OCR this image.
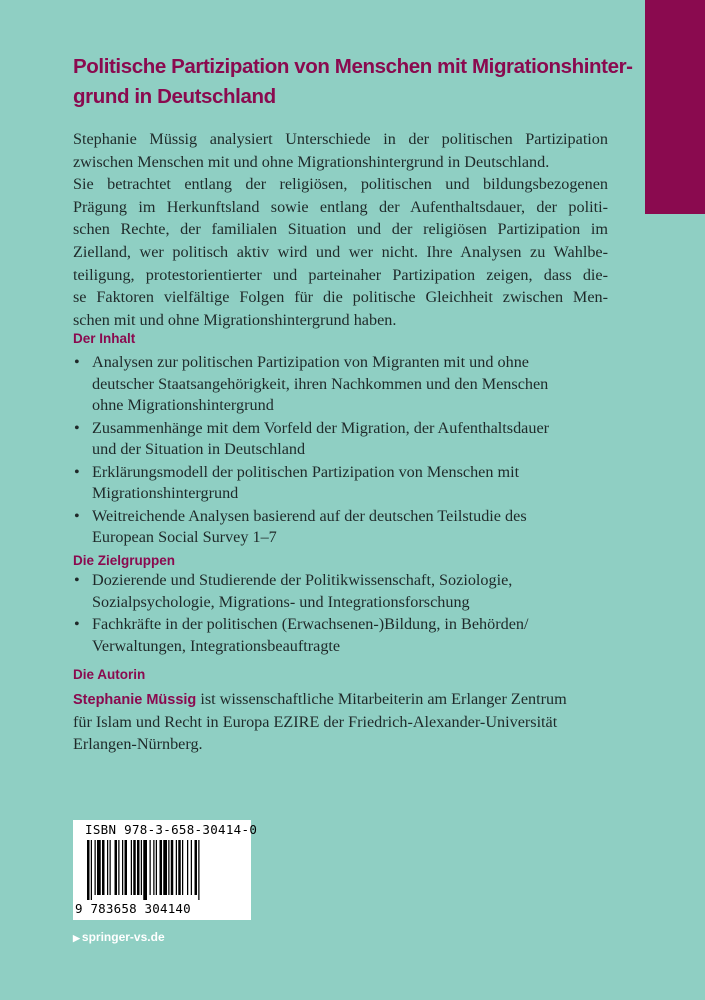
Politische Partizipation von Menschen mit Migrationshinter-
grund in Deutschland
Stephanie Müssig analysiert Unterschiede in der politischen Partizipation
zwischen Menschen mit und ohne Migrationshintergrund in Deutschland.
Sie betrachtet entlang der religiösen, politischen und bildungsbezogenen
Prägung im Herkunftsland sowie entlang der Aufenthaltsdauer, der politi-
schen Rechte, der familialen Situation und der religiösen Partizipation im
Zielland, wer politisch aktiv wird und wer nicht. Ihre Analysen zu Wahlbe-
teiligung, protestorientierter und parteinaher Partizipation zeigen, dass die-
se Faktoren vielfältige Folgen für die politische Gleichheit zwischen Men-
schen mit und ohne Migrationshintergrund haben.
Der Inhalt
• Analysen zur politischen Partizipation von Migranten mit und ohne
deutscher Staatsangehörigkeit, ihren Nachkommen und den Menschen
ohne Migrationshintergrund
• Zusammenhänge mit dem Vorfeld der Migration, der Aufenthaltsdauer
und der Situation in Deutschland
• Erklärungsmodell der politischen Partizipation von Menschen mit
Migrationshintergrund
• Weitreichende Analysen basierend auf der deutschen Teilstudie des
European Social Survey 1–7
Die Zielgruppen
• Dozierende und Studierende der Politikwissenschaft, Soziologie,
Sozialpsychologie, Migrations- und Integrationsforschung
• Fachkräfte in der politischen (Erwachsenen-)Bildung, in Behörden/
Verwaltungen, Integrationsbeauftragte
Die Autorin
Stephanie Müssig ist wissenschaftliche Mitarbeiterin am Erlanger Zentrum
für Islam und Recht in Europa EZIRE der Friedrich-Alexander-Universität
Erlangen-Nürnberg.
ISBN 978-3-658-30414-0
9 783658 304140
▶ springer-vs.de
